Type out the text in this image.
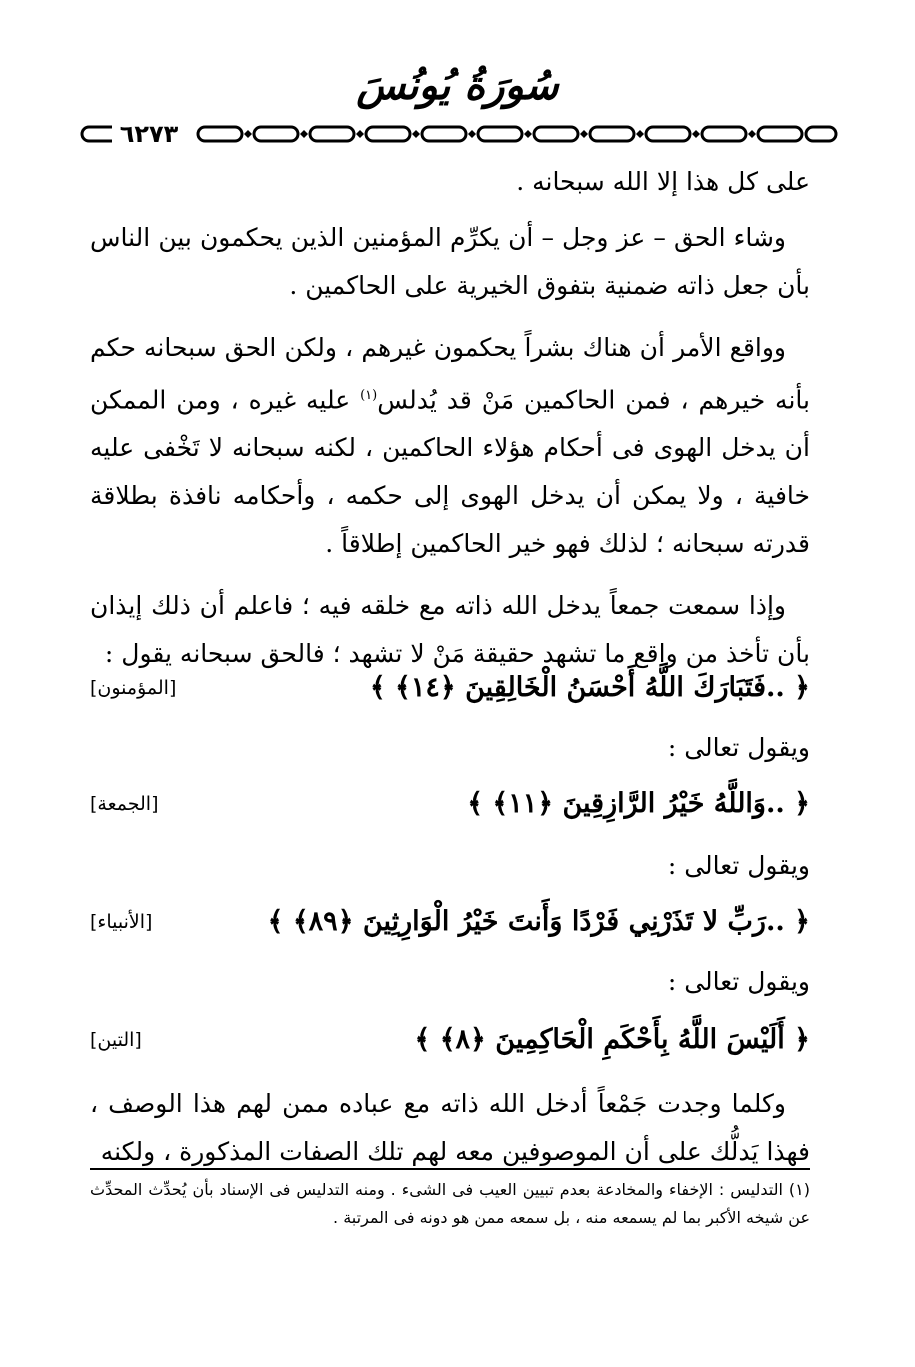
سُورَةُ يُونُسَ
٦٢٧٣

على كل هذا إلا الله سبحانه .

وشاء الحق – عز وجل – أن يكرِّم المؤمنين الذين يحكمون بين الناس بأن جعل ذاته ضمنية بتفوق الخيرية على الحاكمين .

وواقع الأمر أن هناك بشراً يحكمون غيرهم ، ولكن الحق سبحانه حكم بأنه خيرهم ، فمن الحاكمين مَنْ قد يُدلس$^{(١)}$ عليه غيره ، ومن الممكن أن يدخل الهوى فى أحكام هؤلاء الحاكمين ، لكنه سبحانه لا تَخْفى عليه خافية ، ولا يمكن أن يدخل الهوى إلى حكمه ، وأحكامه نافذة بطلاقة قدرته سبحانه ؛ لذلك فهو خير الحاكمين إطلاقاً .

وإذا سمعت جمعاً يدخل الله ذاته مع خلقه فيه ؛ فاعلم أن ذلك إيذان بأن تأخذ من واقع ما تشهد حقيقة مَنْ لا تشهد ؛ فالحق سبحانه يقول :

﴿ ..فَتَبَارَكَ اللَّهُ أَحْسَنُ الْخَالِقِينَ ﴿١٤﴾ ﴾
[المؤمنون]
ويقول تعالى :
﴿ ..وَاللَّهُ خَيْرُ الرَّازِقِينَ ﴿١١﴾ ﴾
[الجمعة]
ويقول تعالى :
﴿ ..رَبِّ لا تَذَرْنِي فَرْدًا وَأَنتَ خَيْرُ الْوَارِثِينَ ﴿٨٩﴾ ﴾
[الأنبياء]
ويقول تعالى :
﴿ أَلَيْسَ اللَّهُ بِأَحْكَمِ الْحَاكِمِينَ ﴿٨﴾ ﴾
[التين]

وكلما وجدت جَمْعاً أدخل الله ذاته مع عباده ممن لهم هذا الوصف ، فهذا يَدلُّك على أن الموصوفين معه لهم تلك الصفات المذكورة ، ولكنه

(١) التدليس : الإخفاء والمخادعة بعدم تبيين العيب فى الشىء . ومنه التدليس فى الإسناد بأن يُحدِّث المحدِّث عن شيخه الأكبر بما لم يسمعه منه ، بل سمعه ممن هو دونه فى المرتبة .
